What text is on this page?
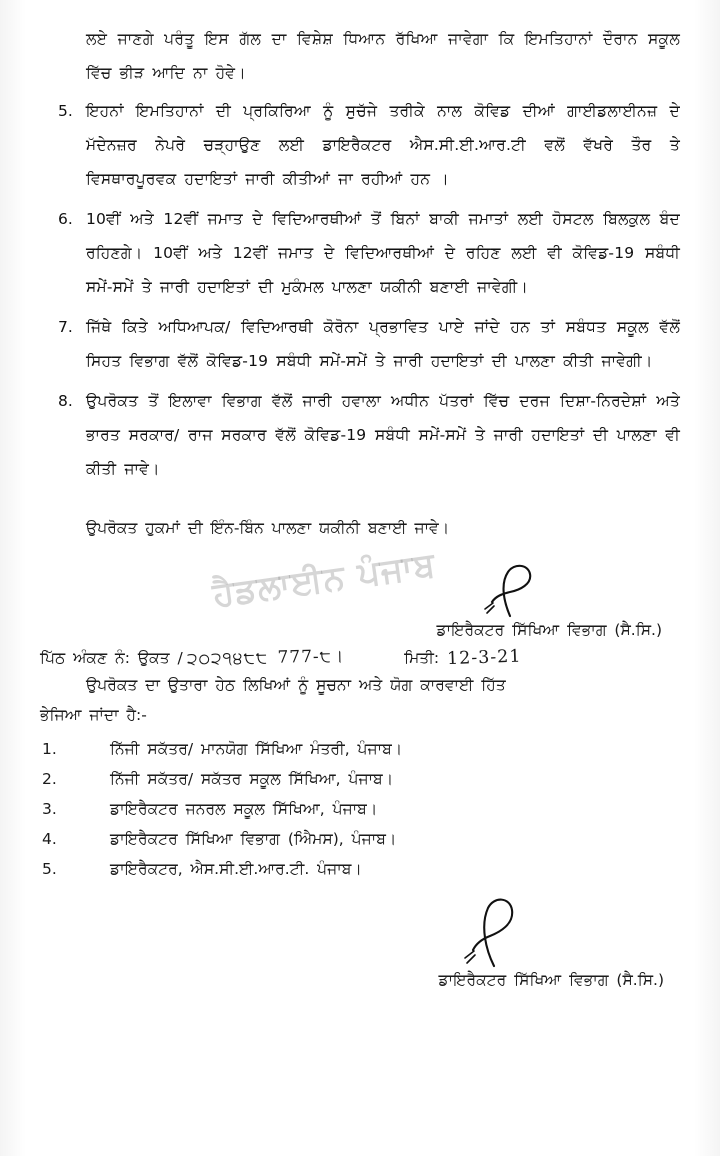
ਲਏ ਜਾਣਗੇ ਪਰੰਤੂ ਇਸ ਗੱਲ ਦਾ ਵਿਸ਼ੇਸ਼ ਧਿਆਨ ਰੱਖਿਆ ਜਾਵੇਗਾ ਕਿ ਇਮਤਿਹਾਨਾਂ ਦੌਰਾਨ ਸਕੂਲ ਵਿੱਚ ਭੀੜ ਆਦਿ ਨਾ ਹੋਵੇ।

5. ਇਹਨਾਂ ਇਮਤਿਹਾਨਾਂ ਦੀ ਪ੍ਰਕਿਰਿਆ ਨੂੰ ਸੁਚੱਜੇ ਤਰੀਕੇ ਨਾਲ ਕੋਵਿਡ ਦੀਆਂ ਗਾਈਡਲਾਈਨਜ਼ ਦੇ ਮੱਦੇਨਜ਼ਰ ਨੇਪਰੇ ਚੜ੍ਹਾਉਣ ਲਈ ਡਾਇਰੈਕਟਰ ਐਸ.ਸੀ.ਈ.ਆਰ.ਟੀ ਵਲੋਂ ਵੱਖਰੇ ਤੌਰ ਤੇ ਵਿਸਥਾਰਪੂਰਵਕ ਹਦਾਇਤਾਂ ਜਾਰੀ ਕੀਤੀਆਂ ਜਾ ਰਹੀਆਂ ਹਨ ।
6. 10ਵੀਂ ਅਤੇ 12ਵੀਂ ਜਮਾਤ ਦੇ ਵਿਦਿਆਰਥੀਆਂ ਤੋਂ ਬਿਨਾਂ ਬਾਕੀ ਜਮਾਤਾਂ ਲਈ ਹੋਸਟਲ ਬਿਲਕੁਲ ਬੰਦ ਰਹਿਣਗੇ। 10ਵੀਂ ਅਤੇ 12ਵੀਂ ਜਮਾਤ ਦੇ ਵਿਦਿਆਰਥੀਆਂ ਦੇ ਰਹਿਣ ਲਈ ਵੀ ਕੋਵਿਡ-19 ਸਬੰਧੀ ਸਮੇਂ-ਸਮੇਂ ਤੇ ਜਾਰੀ ਹਦਾਇਤਾਂ ਦੀ ਮੁਕੰਮਲ ਪਾਲਣਾ ਯਕੀਨੀ ਬਣਾਈ ਜਾਵੇਗੀ।
7. ਜਿੱਥੇ ਕਿਤੇ ਅਧਿਆਪਕ/ ਵਿਦਿਆਰਥੀ ਕੋਰੋਨਾ ਪ੍ਰਭਾਵਿਤ ਪਾਏ ਜਾਂਦੇ ਹਨ ਤਾਂ ਸਬੰਧਤ ਸਕੂਲ ਵੱਲੋਂ ਸਿਹਤ ਵਿਭਾਗ ਵੱਲੋਂ ਕੋਵਿਡ-19 ਸਬੰਧੀ ਸਮੇਂ-ਸਮੇਂ ਤੇ ਜਾਰੀ ਹਦਾਇਤਾਂ ਦੀ ਪਾਲਣਾ ਕੀਤੀ ਜਾਵੇਗੀ।
8. ਉਪਰੋਕਤ ਤੋਂ ਇਲਾਵਾ ਵਿਭਾਗ ਵੱਲੋਂ ਜਾਰੀ ਹਵਾਲਾ ਅਧੀਨ ਪੱਤਰਾਂ ਵਿੱਚ ਦਰਜ ਦਿਸ਼ਾ-ਨਿਰਦੇਸ਼ਾਂ ਅਤੇ ਭਾਰਤ ਸਰਕਾਰ/ ਰਾਜ ਸਰਕਾਰ ਵੱਲੋਂ ਕੋਵਿਡ-19 ਸਬੰਧੀ ਸਮੇਂ-ਸਮੇਂ ਤੇ ਜਾਰੀ ਹਦਾਇਤਾਂ ਦੀ ਪਾਲਣਾ ਵੀ ਕੀਤੀ ਜਾਵੇ।
ਹੈਡਲਾਈਨ ਪੰਜਾਬ

ਉਪਰੋਕਤ ਹੁਕਮਾਂ ਦੀ ਇੰਨ-ਬਿੰਨ ਪਾਲਣਾ ਯਕੀਨੀ ਬਣਾਈ ਜਾਵੇ।

ਡਾਇਰੈਕਟਰ ਸਿੱਖਿਆ ਵਿਭਾਗ (ਸੈ.ਸਿ.)
ਪਿੱਠ ਅੰਕਣ ਨੰ: ਉਕਤ / ੨੦੨੧੪੮੮ 777-੮।	ਮਿਤੀ: 12-3-21
ਉਪਰੋਕਤ ਦਾ ਉਤਾਰਾ ਹੇਠ ਲਿਖਿਆਂ ਨੂੰ ਸੂਚਨਾ ਅਤੇ ਯੋਗ ਕਾਰਵਾਈ ਹਿੱਤ
ਭੇਜਿਆ ਜਾਂਦਾ ਹੈ:-
1.	ਨਿੱਜੀ ਸਕੱਤਰ/ ਮਾਨਯੋਗ ਸਿੱਖਿਆ ਮੰਤਰੀ, ਪੰਜਾਬ।
2.	ਨਿੱਜੀ ਸਕੱਤਰ/ ਸਕੱਤਰ ਸਕੂਲ ਸਿੱਖਿਆ, ਪੰਜਾਬ।
3.	ਡਾਇਰੈਕਟਰ ਜਨਰਲ ਸਕੂਲ ਸਿੱਖਿਆ, ਪੰਜਾਬ।
4.	ਡਾਇਰੈਕਟਰ ਸਿੱਖਿਆ ਵਿਭਾਗ (ਐਿਮਸ), ਪੰਜਾਬ।
5.	ਡਾਇਰੈਕਟਰ, ਐਸ.ਸੀ.ਈ.ਆਰ.ਟੀ. ਪੰਜਾਬ।
ਡਾਇਰੈਕਟਰ ਸਿੱਖਿਆ ਵਿਭਾਗ (ਸੈ.ਸਿ.)
